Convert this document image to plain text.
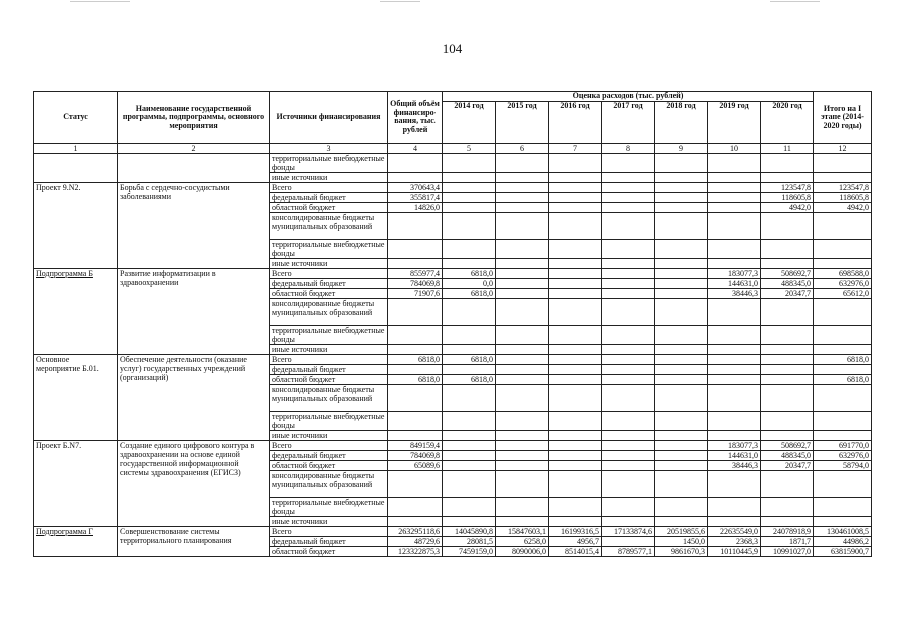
104
Статус	Наименование государственной программы, подпрограммы, основного мероприятия	Источники финансирования	Общий объём финансиро-вания, тыс. рублей	Оценка расходов (тыс. рублей)							Итого на I этапе (2014-2020 годы)
				2014 год	2015 год	2016 год	2017 год	2018 год	2019 год	2020 год	
1	2	3	4	5	6	7	8	9	10	11	12
		территориальные внебюджетные фонды									
		иные источники									
Проект 9.N2.	Борьба с сердечно-сосудистыми заболеваниями	Всего	370643,4							123547,8	123547,8
		федеральный бюджет	355817,4							118605,8	118605,8
		областной бюджет	14826,0							4942,0	4942,0
		консолидированные бюджеты муниципальных образований									
		территориальные внебюджетные фонды									
		иные источники									
Подпрограмма Б	Развитие информатизации в здравоохранении	Всего	855977,4	6818,0					183077,3	508692,7	698588,0
		федеральный бюджет	784069,8	0,0					144631,0	488345,0	632976,0
		областной бюджет	71907,6	6818,0					38446,3	20347,7	65612,0
		консолидированные бюджеты муниципальных образований									
		территориальные внебюджетные фонды									
		иные источники									
Основное мероприятие Б.01.	Обеспечение деятельности (оказание услуг) государственных учреждений (организаций)	Всего	6818,0	6818,0							6818,0
		федеральный бюджет									
		областной бюджет	6818,0	6818,0							6818,0
		консолидированные бюджеты муниципальных образований									
		территориальные внебюджетные фонды									
		иные источники									
Проект Б.N7.	Создание единого цифрового контура в здравоохранении на основе единой государственной информационной системы здравоохранения (ЕГИСЗ)	Всего	849159,4						183077,3	508692,7	691770,0
		федеральный бюджет	784069,8						144631,0	488345,0	632976,0
		областной бюджет	65089,6						38446,3	20347,7	58794,0
		консолидированные бюджеты муниципальных образований									
		территориальные внебюджетные фонды									
		иные источники									
Подпрограмма Г	Совершенствование системы территориального планирования	Всего	263295118,6	14045890,8	15847603,1	16199316,5	17133874,6	20519855,6	22635549,0	24078918,9	130461008,5
		федеральный бюджет	48729,6	28081,5	6258,0	4956,7		1450,0	2368,3	1871,7	44986,2
		областной бюджет	123322875,3	7459159,0	8090006,0	8514015,4	8789577,1	9861670,3	10110445,9	10991027,0	63815900,7
